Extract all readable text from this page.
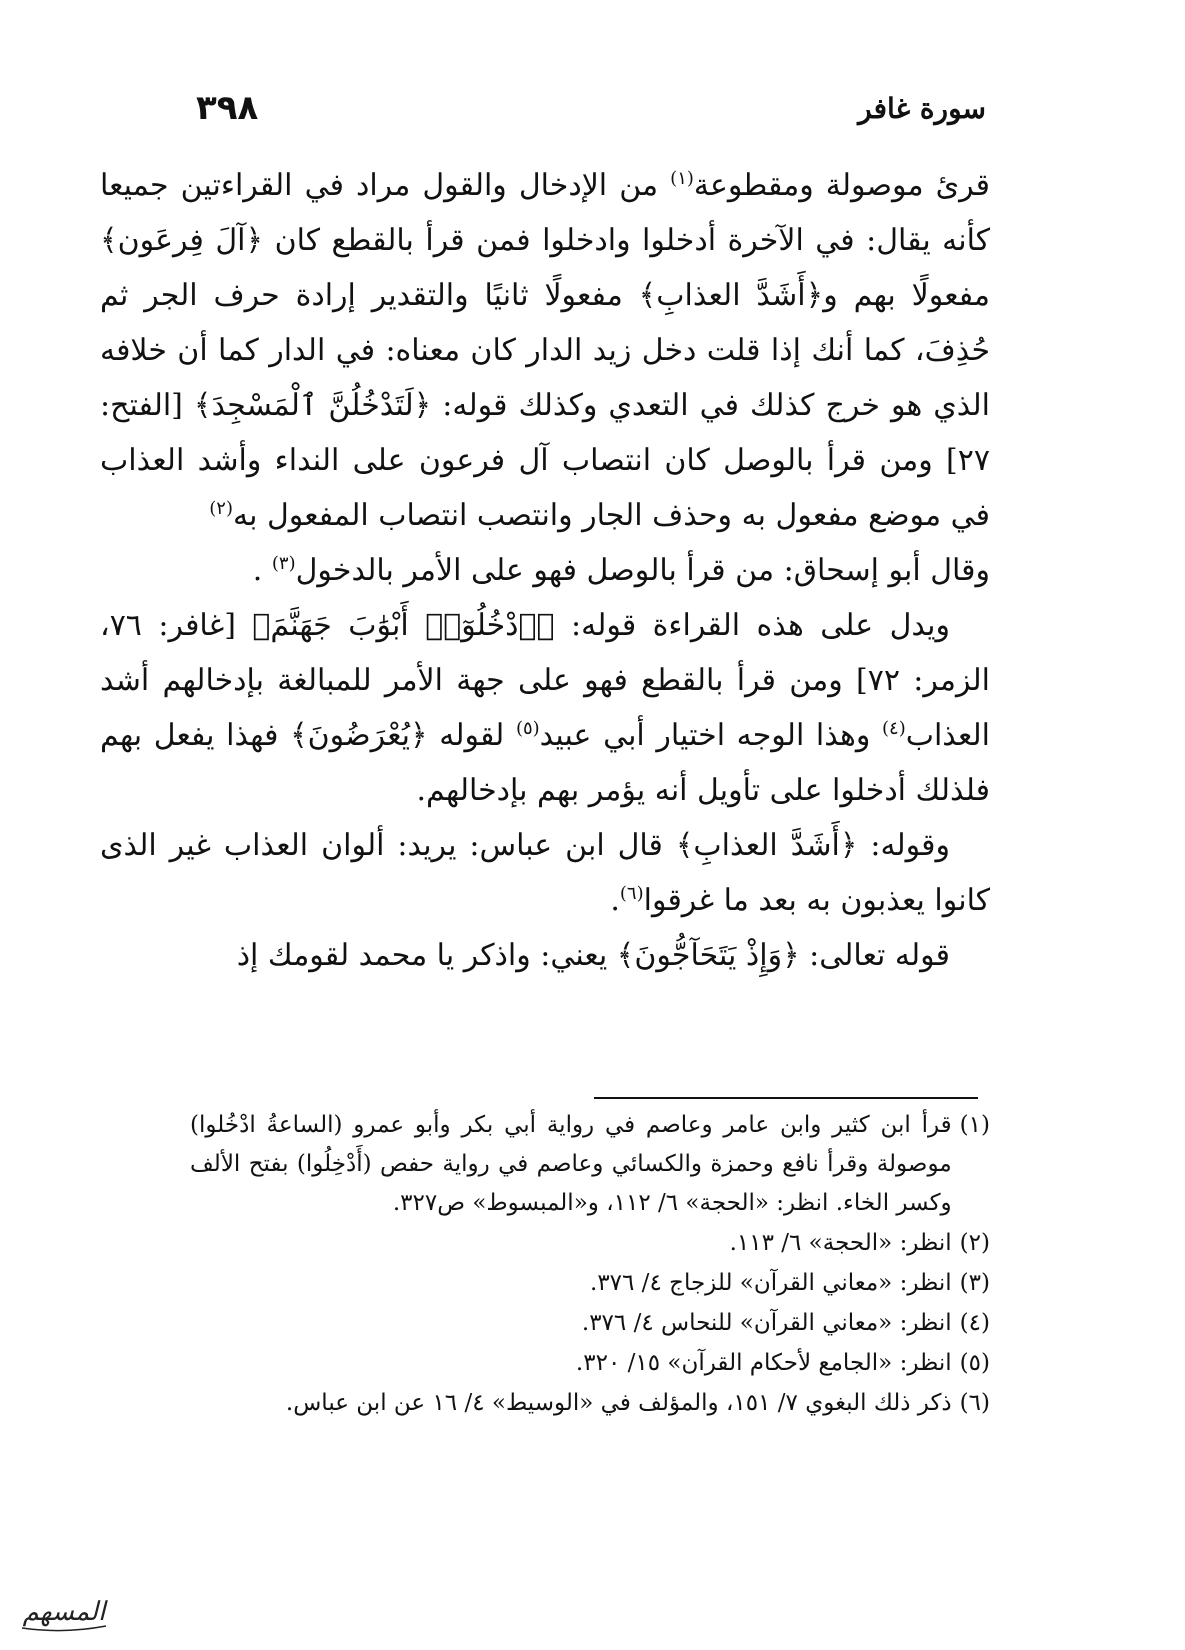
٣٩٨	سورة غافر

قرئ موصولة ومقطوعة$^{(١)}$ من الإدخال والقول مراد في القراءتين جميعا كأنه يقال: في الآخرة أدخلوا وادخلوا فمن قرأ بالقطع كان ﴿آلَ فِرعَون﴾ مفعولًا بهم و﴿أَشَدَّ العذابِ﴾ مفعولًا ثانيًا والتقدير إرادة حرف الجر ثم حُذِفَ، كما أنك إذا قلت دخل زيد الدار كان معناه: في الدار كما أن خلافه الذي هو خرج كذلك في التعدي وكذلك قوله: ﴿لَتَدْخُلُنَّ ٱلْمَسْجِدَ﴾ [الفتح: ٢٧] ومن قرأ بالوصل كان انتصاب آل فرعون على النداء وأشد العذاب في موضع مفعول به وحذف الجار وانتصب انتصاب المفعول به$^{(٢)}$

وقال أبو إسحاق: من قرأ بالوصل فهو على الأمر بالدخول$^{(٣)}$ .

ويدل على هذه القراءة قوله: ﴿ٱدْخُلُوٓا۟ أَبْوَٰبَ جَهَنَّمَ﴾ [غافر: ٧٦، الزمر: ٧٢] ومن قرأ بالقطع فهو على جهة الأمر للمبالغة بإدخالهم أشد العذاب$^{(٤)}$ وهذا الوجه اختيار أبي عبيد$^{(٥)}$ لقوله ﴿يُعْرَضُونَ﴾ فهذا يفعل بهم فلذلك أدخلوا على تأويل أنه يؤمر بهم بإدخالهم.

وقوله: ﴿أَشَدَّ العذابِ﴾ قال ابن عباس: يريد: ألوان العذاب غير الذى كانوا يعذبون به بعد ما غرقوا$^{(٦)}$.

قوله تعالى: ﴿وَإِذْ يَتَحَآجُّونَ﴾ يعني: واذكر يا محمد لقومك إذ

(١)
قرأ ابن كثير وابن عامر وعاصم في رواية أبي بكر وأبو عمرو (الساعةُ ادْخُلوا) موصولة وقرأ نافع وحمزة والكسائي وعاصم في رواية حفص (أَدْخِلُوا) بفتح الألف وكسر الخاء. انظر: «الحجة» ٦/ ١١٢، و«المبسوط» ص٣٢٧.
(٢)
انظر: «الحجة» ٦/ ١١٣.
(٣)
انظر: «معاني القرآن» للزجاج ٤/ ٣٧٦.
(٤)
انظر: «معاني القرآن» للنحاس ٤/ ٣٧٦.
(٥)
انظر: «الجامع لأحكام القرآن» ١٥/ ٣٢٠.
(٦)
ذكر ذلك البغوي ٧/ ١٥١، والمؤلف في «الوسيط» ٤/ ١٦ عن ابن عباس.
ﺍﻟﻤﺴ‍ﻬﻢ
